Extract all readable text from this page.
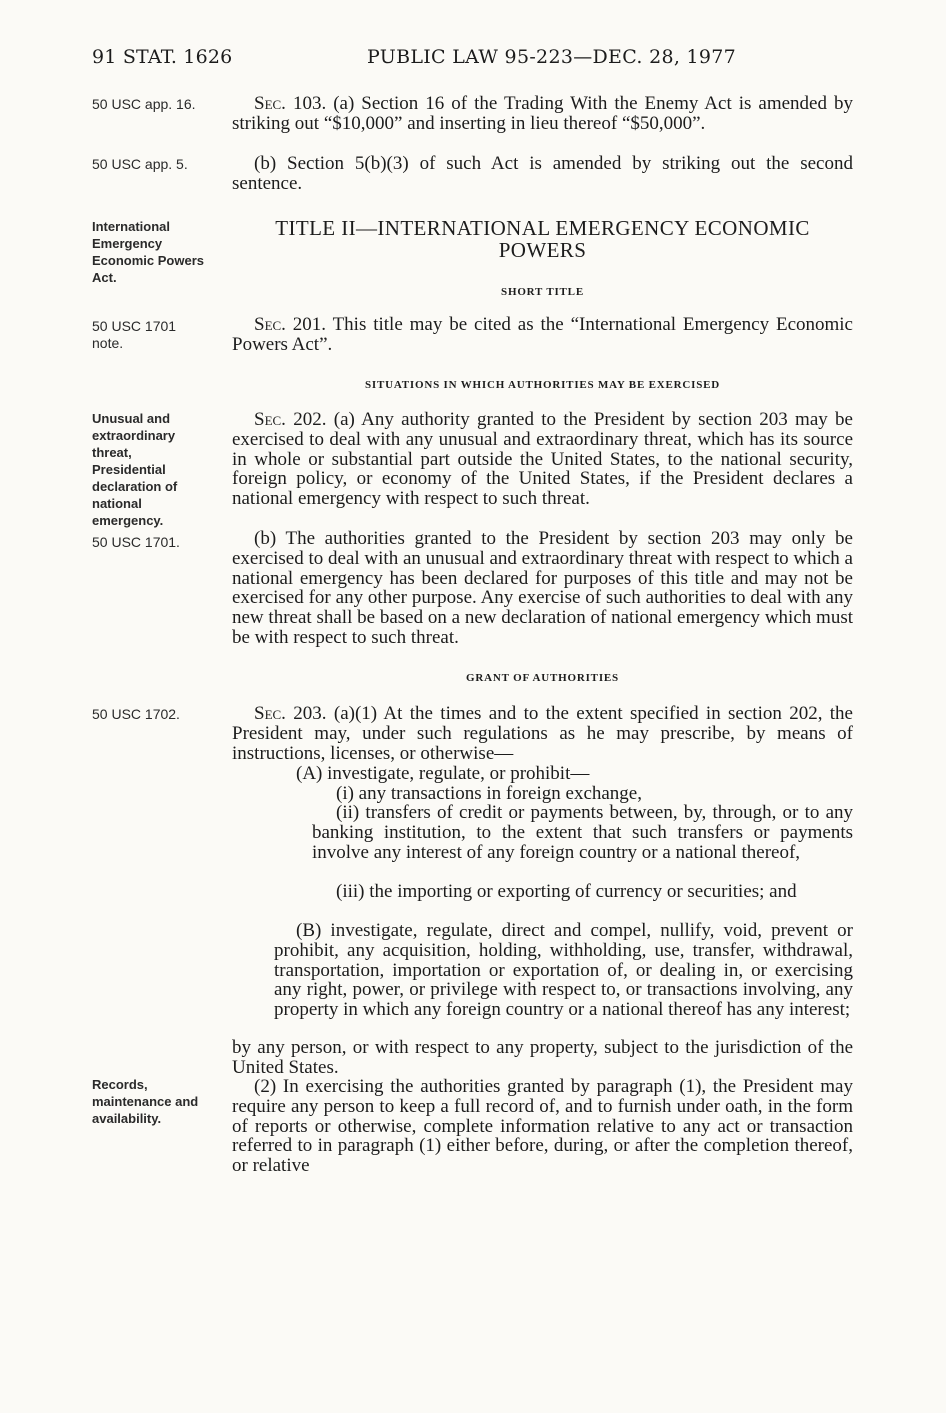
91 STAT. 1626	PUBLIC LAW 95-223—DEC. 28, 1977
50 USC app. 16.
50 USC app. 5.
International Emergency Economic Powers Act.
50 USC 1701 note.
Unusual and extraordinary threat, Presidential declaration of national emergency.
50 USC 1701.
50 USC 1702.
Records, maintenance and availability.
Sec. 103. (a) Section 16 of the Trading With the Enemy Act is amended by striking out “$10,000” and inserting in lieu thereof “$50,000”.
(b) Section 5(b)(3) of such Act is amended by striking out the second sentence.
TITLE II—INTERNATIONAL EMERGENCY ECONOMIC
POWERS
SHORT TITLE
Sec. 201. This title may be cited as the “International Emergency Economic Powers Act”.
SITUATIONS IN WHICH AUTHORITIES MAY BE EXERCISED
Sec. 202. (a) Any authority granted to the President by section 203 may be exercised to deal with any unusual and extraordinary threat, which has its source in whole or substantial part outside the United States, to the national security, foreign policy, or economy of the United States, if the President declares a national emergency with respect to such threat.
(b) The authorities granted to the President by section 203 may only be exercised to deal with an unusual and extraordinary threat with respect to which a national emergency has been declared for purposes of this title and may not be exercised for any other purpose. Any exercise of such authorities to deal with any new threat shall be based on a new declaration of national emergency which must be with respect to such threat.
GRANT OF AUTHORITIES
Sec. 203. (a)(1) At the times and to the extent specified in section 202, the President may, under such regulations as he may prescribe, by means of instructions, licenses, or otherwise—
(A) investigate, regulate, or prohibit—
(i) any transactions in foreign exchange,
(ii) transfers of credit or payments between, by, through, or to any banking institution, to the extent that such transfers or payments involve any interest of any foreign country or a national thereof,
(iii) the importing or exporting of currency or securities; and
(B) investigate, regulate, direct and compel, nullify, void, prevent or prohibit, any acquisition, holding, withholding, use, transfer, withdrawal, transportation, importation or exportation of, or dealing in, or exercising any right, power, or privilege with respect to, or transactions involving, any property in which any foreign country or a national thereof has any interest;
by any person, or with respect to any property, subject to the jurisdiction of the United States.
(2) In exercising the authorities granted by paragraph (1), the President may require any person to keep a full record of, and to furnish under oath, in the form of reports or otherwise, complete information relative to any act or transaction referred to in paragraph (1) either before, during, or after the completion thereof, or relative
